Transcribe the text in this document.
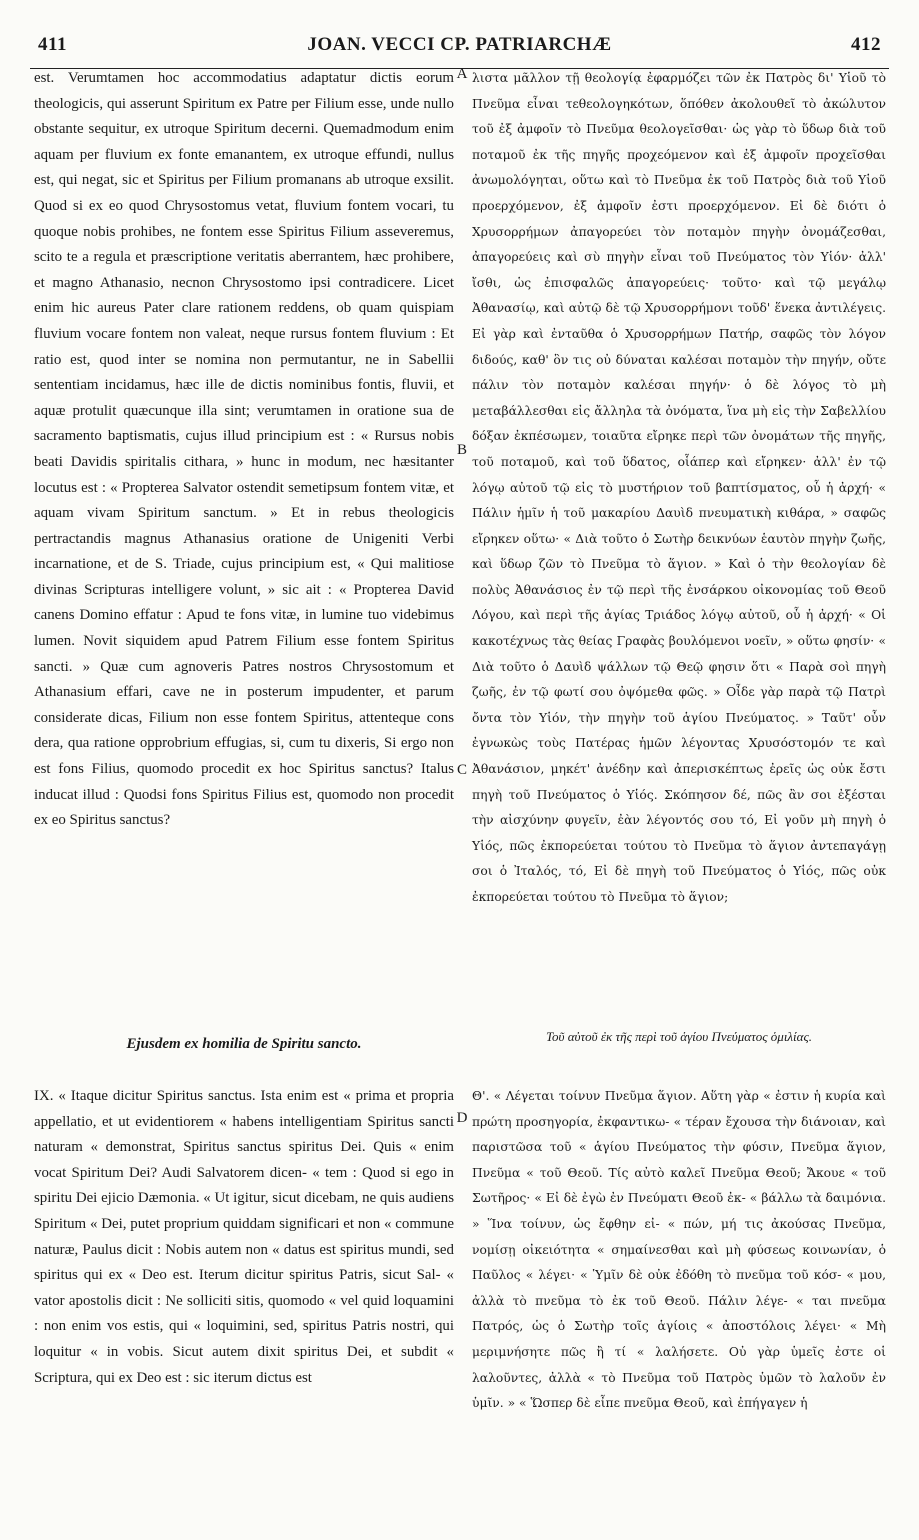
411	JOAN. VECCI CP. PATRIARCHÆ	412

est. Verumtamen hoc accommodatius adaptatur dictis eorum theologicis, qui asserunt Spiritum ex Patre per Filium esse, unde nullo obstante sequitur, ex utroque Spiritum decerni. Quemadmodum enim aquam per fluvium ex fonte emanantem, ex utroque effundi, nullus est, qui negat, sic et Spiritus per Filium promanans ab utroque exsilit. Quod si ex eo quod Chrysostomus vetat, fluvium fontem vocari, tu quoque nobis prohibes, ne fontem esse Spiritus Filium asseveremus, scito te a regula et præscriptione veritatis aberrantem, hæc prohibere, et magno Athanasio, necnon Chrysostomo ipsi contradicere. Licet enim hic aureus Pater clare rationem reddens, ob quam quispiam fluvium vocare fontem non valeat, neque rursus fontem fluvium : Et ratio est, quod inter se nomina non permutantur, ne in Sabellii sententiam incidamus, hæc ille de dictis nominibus fontis, fluvii, et aquæ protulit quæcunque illa sint; verumtamen in oratione sua de sacramento baptismatis, cujus illud principium est : « Rursus nobis beati Davidis spiritalis cithara, » hunc in modum, nec hæsitanter locutus est : « Propterea Salvator ostendit semetipsum fontem vitæ, et aquam vivam Spiritum sanctum. » Et in rebus theologicis pertractandis magnus Athanasius oratione de Unigeniti Verbi incarnatione, et de S. Triade, cujus principium est, « Qui malitiose divinas Scripturas intelligere volunt, » sic ait : « Propterea David canens Domino effatur : Apud te fons vitæ, in lumine tuo videbimus lumen. Novit siquidem apud Patrem Filium esse fontem Spiritus sancti. » Quæ cum agnoveris Patres nostros Chrysostomum et Athanasium effari, cave ne in posterum impudenter, et parum considerate dicas, Filium non esse fontem Spiritus, attenteque cons dera, qua ratione opprobrium effugias, si, cum tu dixeris, Si ergo non est fons Filius, quomodo procedit ex hoc Spiritus sanctus? Italus inducat illud : Quodsi fons Spiritus Filius est, quomodo non procedit ex eo Spiritus sanctus?

λιστα μᾶλλον τῇ θεολογίᾳ ἐφαρμόζει τῶν ἐκ Πατρὸς δι' Υἱοῦ τὸ Πνεῦμα εἶναι τεθεολογηκότων, ὅπόθεν ἀκολουθεῖ τὸ ἀκώλυτον τοῦ ἐξ ἀμφοῖν τὸ Πνεῦμα θεολογεῖσθαι· ὡς γὰρ τὸ ὕδωρ διὰ τοῦ ποταμοῦ ἐκ τῆς πηγῆς προχεόμενον καὶ ἐξ ἀμφοῖν προχεῖσθαι ἀνωμολόγηται, οὕτω καὶ τὸ Πνεῦμα ἐκ τοῦ Πατρὸς διὰ τοῦ Υἱοῦ προερχόμενον, ἐξ ἀμφοῖν ἐστι προερχόμενον. Εἰ δὲ διότι ὁ Χρυσορρήμων ἀπαγορεύει τὸν ποταμὸν πηγὴν ὀνομάζεσθαι, ἀπαγορεύεις καὶ σὺ πηγὴν εἶναι τοῦ Πνεύματος τὸν Υἱόν· ἀλλ' ἴσθι, ὡς ἐπισφαλῶς ἀπαγορεύεις· τοῦτο· καὶ τῷ μεγάλῳ Ἀθανασίῳ, καὶ αὐτῷ δὲ τῷ Χρυσορρήμονι τοῦδ' ἕνεκα ἀντιλέγεις. Εἰ γὰρ καὶ ἐνταῦθα ὁ Χρυσορρήμων Πατήρ, σαφῶς τὸν λόγον διδούς, καθ' ὃν τις οὐ δύναται καλέσαι ποταμὸν τὴν πηγήν, οὔτε πάλιν τὸν ποταμὸν καλέσαι πηγήν· ὁ δὲ λόγος τὸ μὴ μεταβάλλεσθαι εἰς ἄλληλα τὰ ὀνόματα, ἵνα μὴ εἰς τὴν Σαβελλίου δόξαν ἐκπέσωμεν, τοιαῦτα εἴρηκε περὶ τῶν ὀνομάτων τῆς πηγῆς, τοῦ ποταμοῦ, καὶ τοῦ ὕδατος, οἷάπερ καὶ εἴρηκεν· ἀλλ' ἐν τῷ λόγῳ αὐτοῦ τῷ εἰς τὸ μυστήριον τοῦ βαπτίσματος, οὗ ἡ ἀρχή· « Πάλιν ἡμῖν ἡ τοῦ μακαρίου Δαυὶδ πνευματικὴ κιθάρα, » σαφῶς εἴρηκεν οὕτω· « Διὰ τοῦτο ὁ Σωτὴρ δεικνύων ἑαυτὸν πηγὴν ζωῆς, καὶ ὕδωρ ζῶν τὸ Πνεῦμα τὸ ἅγιον. » Καὶ ὁ τὴν θεολογίαν δὲ πολὺς Ἀθανάσιος ἐν τῷ περὶ τῆς ἐνσάρκου οἰκονομίας τοῦ Θεοῦ Λόγου, καὶ περὶ τῆς ἁγίας Τριάδος λόγῳ αὐτοῦ, οὗ ἡ ἀρχή· « Οἱ κακοτέχνως τὰς θείας Γραφὰς βουλόμενοι νοεῖν, » οὕτω φησίν· « Διὰ τοῦτο ὁ Δαυὶδ ψάλλων τῷ Θεῷ φησιν ὅτι « Παρὰ σοὶ πηγὴ ζωῆς, ἐν τῷ φωτί σου ὀψόμεθα φῶς. » Οἶδε γὰρ παρὰ τῷ Πατρὶ ὄντα τὸν Υἱόν, τὴν πηγὴν τοῦ ἁγίου Πνεύματος. » Ταῦτ' οὖν ἐγνωκὼς τοὺς Πατέρας ἡμῶν λέγοντας Χρυσόστομόν τε καὶ Ἀθανάσιον, μηκέτ' ἀνέδην καὶ ἀπερισκέπτως ἐρεῖς ὡς οὐκ ἔστι πηγὴ τοῦ Πνεύματος ὁ Υἱός. Σκόπησον δέ, πῶς ἂν σοι ἐξέσται τὴν αἰσχύνην φυγεῖν, ἐὰν λέγοντός σου τό, Εἰ γοῦν μὴ πηγὴ ὁ Υἱός, πῶς ἐκπορεύεται τούτου τὸ Πνεῦμα τὸ ἅγιον ἀντεπαγάγῃ σοι ὁ Ἰταλός, τό, Εἰ δὲ πηγὴ τοῦ Πνεύματος ὁ Υἱός, πῶς οὐκ ἐκπορεύεται τούτου τὸ Πνεῦμα τὸ ἅγιον;

A
B
C
D
Ejusdem ex homilia de Spiritu sancto.	Τοῦ αὐτοῦ ἐκ τῆς περὶ τοῦ ἁγίου Πνεύματος ὁμιλίας.

IX. « Itaque dicitur Spiritus sanctus. Ista enim est « prima et propria appellatio, et ut evidentiorem « habens intelligentiam Spiritus sancti naturam « demonstrat, Spiritus sanctus spiritus Dei. Quis « enim vocat Spiritum Dei? Audi Salvatorem dicen- « tem : Quod si ego in spiritu Dei ejicio Dæmonia. « Ut igitur, sicut dicebam, ne quis audiens Spiritum « Dei, putet proprium quiddam significari et non « commune naturæ, Paulus dicit : Nobis autem non « datus est spiritus mundi, sed spiritus qui ex « Deo est. Iterum dicitur spiritus Patris, sicut Sal- « vator apostolis dicit : Ne solliciti sitis, quomodo « vel quid loquamini : non enim vos estis, qui « loquimini, sed, spiritus Patris nostri, qui loquitur « in vobis. Sicut autem dixit spiritus Dei, et subdit « Scriptura, qui ex Deo est : sic iterum dictus est

Θ'. « Λέγεται τοίνυν Πνεῦμα ἅγιον. Αὕτη γὰρ « ἐστιν ἡ κυρία καὶ πρώτη προσηγορία, ἐκφαντικω- « τέραν ἔχουσα τὴν διάνοιαν, καὶ παριστῶσα τοῦ « ἁγίου Πνεύματος τὴν φύσιν, Πνεῦμα ἅγιον, Πνεῦμα « τοῦ Θεοῦ. Τίς αὐτὸ καλεῖ Πνεῦμα Θεοῦ; Ἄκουε « τοῦ Σωτῆρος· « Εἰ δὲ ἐγὼ ἐν Πνεύματι Θεοῦ ἐκ- « βάλλω τὰ δαιμόνια. » Ἵνα τοίνυν, ὡς ἔφθην εἰ- « πών, μή τις ἀκούσας Πνεῦμα, νομίσῃ οἰκειότητα « σημαίνεσθαι καὶ μὴ φύσεως κοινωνίαν, ὁ Παῦλος « λέγει· « Ὑμῖν δὲ οὐκ ἐδόθη τὸ πνεῦμα τοῦ κόσ- « μου, ἀλλὰ τὸ πνεῦμα τὸ ἐκ τοῦ Θεοῦ. Πάλιν λέγε- « ται πνεῦμα Πατρός, ὡς ὁ Σωτὴρ τοῖς ἁγίοις « ἀποστόλοις λέγει· « Μὴ μεριμνήσητε πῶς ἢ τί « λαλήσετε. Οὐ γὰρ ὑμεῖς ἐστε οἱ λαλοῦντες, ἀλλὰ « τὸ Πνεῦμα τοῦ Πατρὸς ὑμῶν τὸ λαλοῦν ἐν ὑμῖν. » « Ὥσπερ δὲ εἶπε πνεῦμα Θεοῦ, καὶ ἐπήγαγεν ἡ
